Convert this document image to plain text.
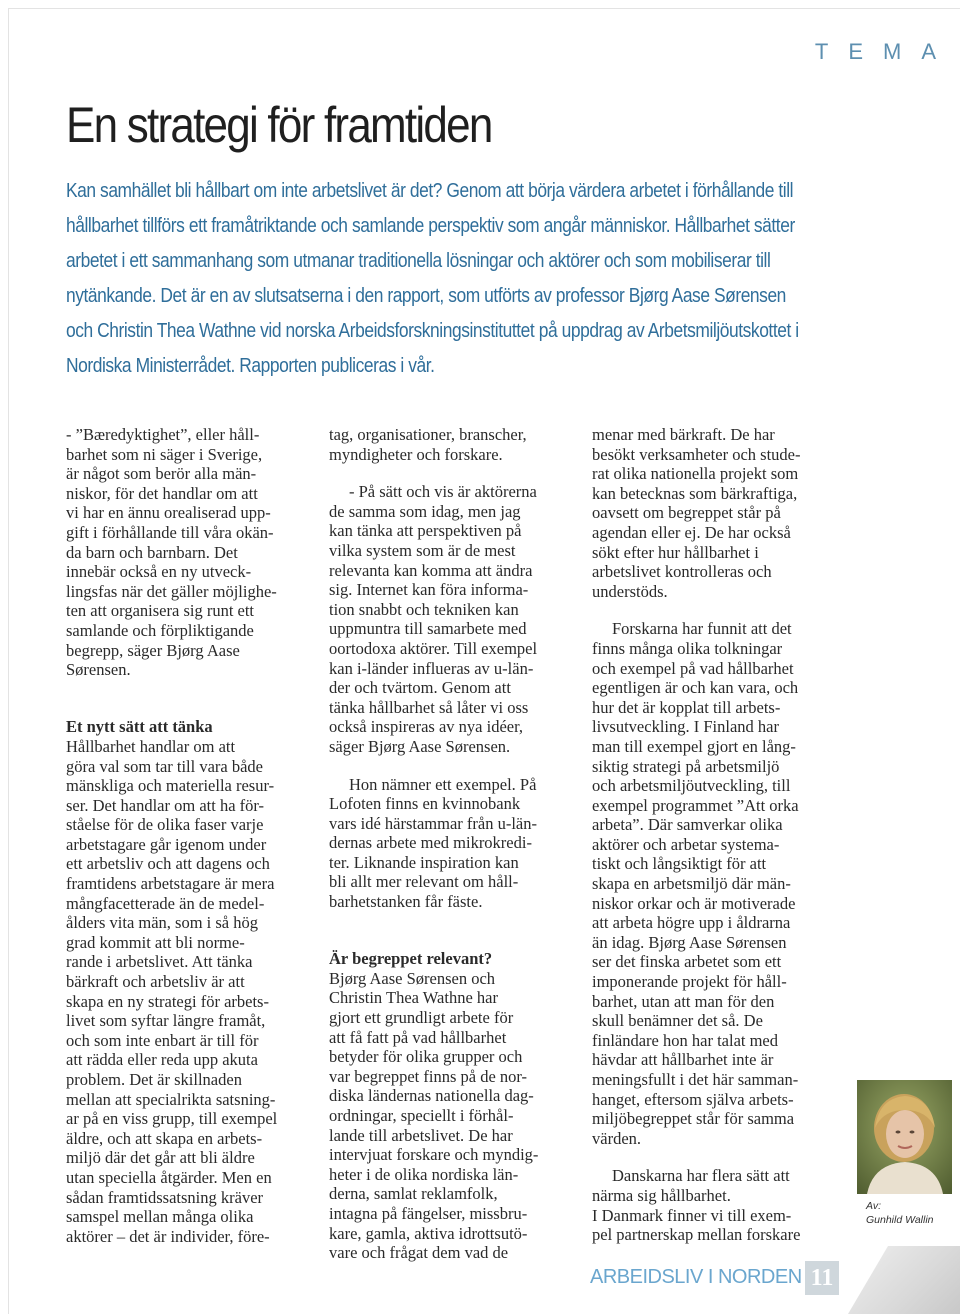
TEMA
En strategi för framtiden
Kan samhället bli hållbart om inte arbetslivet är det? Genom att börja värdera arbetet i förhållande till hållbarhet tillförs ett framåtriktande och samlande perspektiv som angår människor. Hållbarhet sätter arbetet i ett sammanhang som utmanar traditionella lösningar och aktörer och som mobiliserar till nytänkande. Det är en av slutsatserna i den rapport, som utförts av professor Bjørg Aase Sørensen och Christin Thea Wathne vid norska Arbeidsforskningsinstituttet på uppdrag av Arbetsmiljöutskottet i Nordiska Ministerrådet. Rapporten publiceras i vår.

- ”Bæredyktighet”, eller håll-
barhet som ni säger i Sverige,
är något som berör alla män-
niskor, för det handlar om att
vi har en ännu orealiserad upp-
gift i förhållande till våra okän-
da barn och barnbarn. Det
innebär också en ny utveck-
lingsfas när det gäller möjlighe-
ten att organisera sig runt ett
samlande och förpliktigande
begrepp, säger Bjørg Aase
Sørensen.

Et nytt sätt att tänka
Hållbarhet handlar om att
göra val som tar till vara både
mänskliga och materiella resur-
ser. Det handlar om att ha för-
ståelse för de olika faser varje
arbetstagare går igenom under
ett arbetsliv och att dagens och
framtidens arbetstagare är mera
mångfacetterade än de medel-
ålders vita män, som i så hög
grad kommit att bli norme-
rande i arbetslivet. Att tänka
bärkraft och arbetsliv är att
skapa en ny strategi för arbets-
livet som syftar längre framåt,
och som inte enbart är till för
att rädda eller reda upp akuta
problem. Det är skillnaden
mellan att specialrikta satsning-
ar på en viss grupp, till exempel
äldre, och att skapa en arbets-
miljö där det går att bli äldre
utan speciella åtgärder. Men en
sådan framtidssatsning kräver
samspel mellan många olika
aktörer – det är individer, före-

tag, organisationer, branscher,
myndigheter och forskare.

- På sätt och vis är aktörerna
de samma som idag, men jag
kan tänka att perspektiven på
vilka system som är de mest
relevanta kan komma att ändra
sig. Internet kan föra informa-
tion snabbt och tekniken kan
uppmuntra till samarbete med
oortodoxa aktörer. Till exempel
kan i-länder influeras av u-län-
der och tvärtom. Genom att
tänka hållbarhet så låter vi oss
också inspireras av nya idéer,
säger Bjørg Aase Sørensen.

Hon nämner ett exempel. På
Lofoten finns en kvinnobank
vars idé härstammar från u-län-
dernas arbete med mikrokredi-
ter. Liknande inspiration kan
bli allt mer relevant om håll-
barhetstanken får fäste.

Är begreppet relevant?
Bjørg Aase Sørensen och
Christin Thea Wathne har
gjort ett grundligt arbete för
att få fatt på vad hållbarhet
betyder för olika grupper och
var begreppet finns på de nor-
diska ländernas nationella dag-
ordningar, speciellt i förhål-
lande till arbetslivet. De har
intervjuat forskare och myndig-
heter i de olika nordiska län-
derna, samlat reklamfolk,
intagna på fängelser, missbru-
kare, gamla, aktiva idrottsutö-
vare och frågat dem vad de

menar med bärkraft. De har
besökt verksamheter och stude-
rat olika nationella projekt som
kan betecknas som bärkraftiga,
oavsett om begreppet står på
agendan eller ej. De har också
sökt efter hur hållbarhet i
arbetslivet kontrolleras och
understöds.

Forskarna har funnit att det
finns många olika tolkningar
och exempel på vad hållbarhet
egentligen är och kan vara, och
hur det är kopplat till arbets-
livsutveckling. I Finland har
man till exempel gjort en lång-
siktig strategi på arbetsmiljö
och arbetsmiljöutveckling, till
exempel programmet ”Att orka
arbeta”. Där samverkar olika
aktörer och arbetar systema-
tiskt och långsiktigt för att
skapa en arbetsmiljö där män-
niskor orkar och är motiverade
att arbeta högre upp i åldrarna
än idag. Bjørg Aase Sørensen
ser det finska arbetet som ett
imponerande projekt för håll-
barhet, utan att man för den
skull benämner det så. De
finländare hon har talat med
hävdar att hållbarhet inte är
meningsfullt i det här samman-
hanget, eftersom själva arbets-
miljöbegreppet står för samma
värden.

Danskarna har flera sätt att
närma sig hållbarhet.

I Danmark finner vi till exem-
pel partnerskap mellan forskare

Av:
Gunhild Wallin
ARBEIDSLIV I NORDEN 11
